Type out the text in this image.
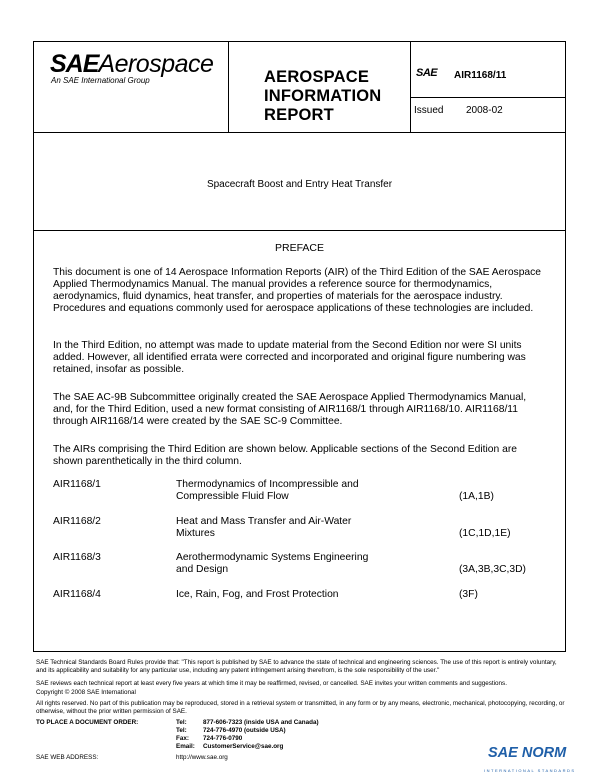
SAEAerospace
An SAE International Group	AEROSPACE
INFORMATION
REPORT
SAE AIR1168/11
Issued 2008-02
Spacecraft Boost and Entry Heat Transfer
PREFACE

This document is one of 14 Aerospace Information Reports (AIR) of the Third Edition of the SAE Aerospace Applied Thermodynamics Manual. The manual provides a reference source for thermodynamics, aerodynamics, fluid dynamics, heat transfer, and properties of materials for the aerospace industry. Procedures and equations commonly used for aerospace applications of these technologies are included.

In the Third Edition, no attempt was made to update material from the Second Edition nor were SI units added. However, all identified errata were corrected and incorporated and original figure numbering was retained, insofar as possible.

The SAE AC-9B Subcommittee originally created the SAE Aerospace Applied Thermodynamics Manual, and, for the Third Edition, used a new format consisting of AIR1168/1 through AIR1168/10. AIR1168/11 through AIR1168/14 were created by the SAE SC-9 Committee.

The AIRs comprising the Third Edition are shown below. Applicable sections of the Second Edition are shown parenthetically in the third column.

AIR1168/1	Thermodynamics of Incompressible and
Compressible Fluid Flow	(1A,1B)
AIR1168/2	Heat and Mass Transfer and Air-Water
Mixtures	(1C,1D,1E)
AIR1168/3	Aerothermodynamic Systems Engineering
and Design	(3A,3B,3C,3D)
AIR1168/4	Ice, Rain, Fog, and Frost Protection	(3F)
SAE Technical Standards Board Rules provide that: "This report is published by SAE to advance the state of technical and engineering sciences. The use of this report is entirely voluntary, and its applicability and suitability for any particular use, including any patent infringement arising therefrom, is the sole responsibility of the user."
SAE reviews each technical report at least every five years at which time it may be reaffirmed, revised, or cancelled. SAE invites your written comments and suggestions.
Copyright © 2008 SAE International
All rights reserved. No part of this publication may be reproduced, stored in a retrieval system or transmitted, in any form or by any means, electronic, mechanical, photocopying, recording, or otherwise, without the prior written permission of SAE.
TO PLACE A DOCUMENT ORDER:	Tel:	877-606-7323 (inside USA and Canada)
Tel:	724-776-4970 (outside USA)
Fax: 724-776-0790
Email: CustomerService@sae.org
SAE WEB ADDRESS:	http://www.sae.org	SAE NORM
INTERNATIONAL STANDARDS
